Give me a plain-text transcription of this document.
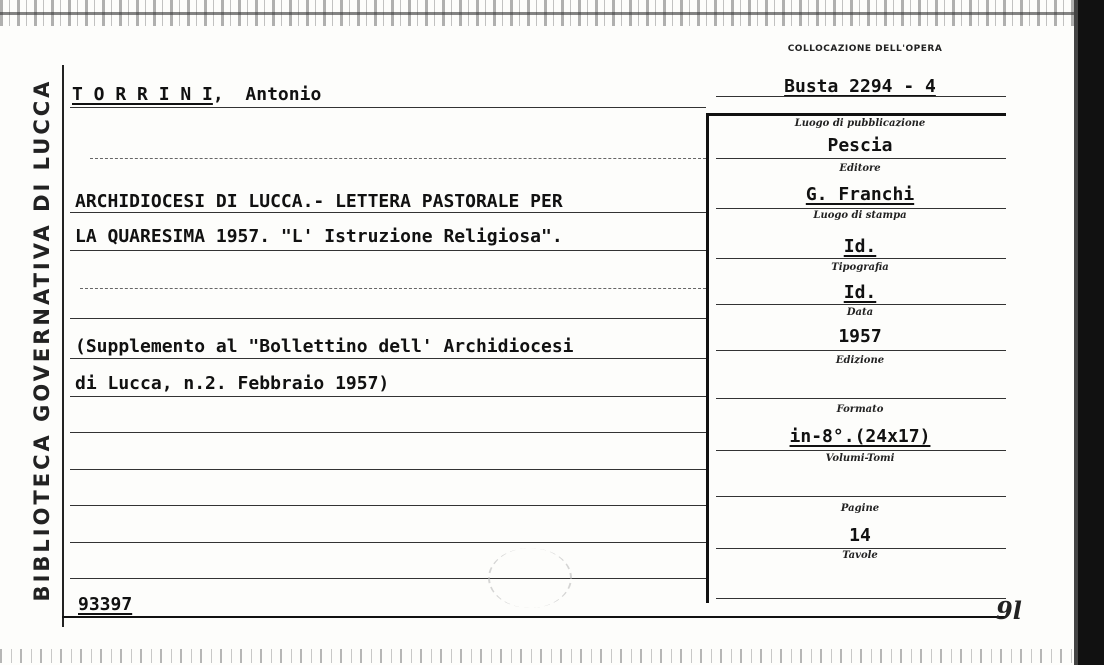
BIBLIOTECA GOVERNATIVA DI LUCCA	T O R R I N I, Antonio
ARCHIDIOCESI DI LUCCA.- LETTERA PASTORALE PER
LA QUARESIMA 1957. "L' Istruzione Religiosa".
(Supplemento al "Bollettino dell' Archidiocesi
di Lucca, n.2. Febbraio 1957)
93397
COLLOCAZIONE DELL'OPERA
Busta 2294 - 4
Luogo di pubblicazione
Pescia
Editore
G. Franchi
Luogo di stampa
Id.
Tipografia
Id.
Data
1957
Edizione
Formato
in-8°.(24x17)
Volumi-Tomi
Pagine
14
Tavole
9l
